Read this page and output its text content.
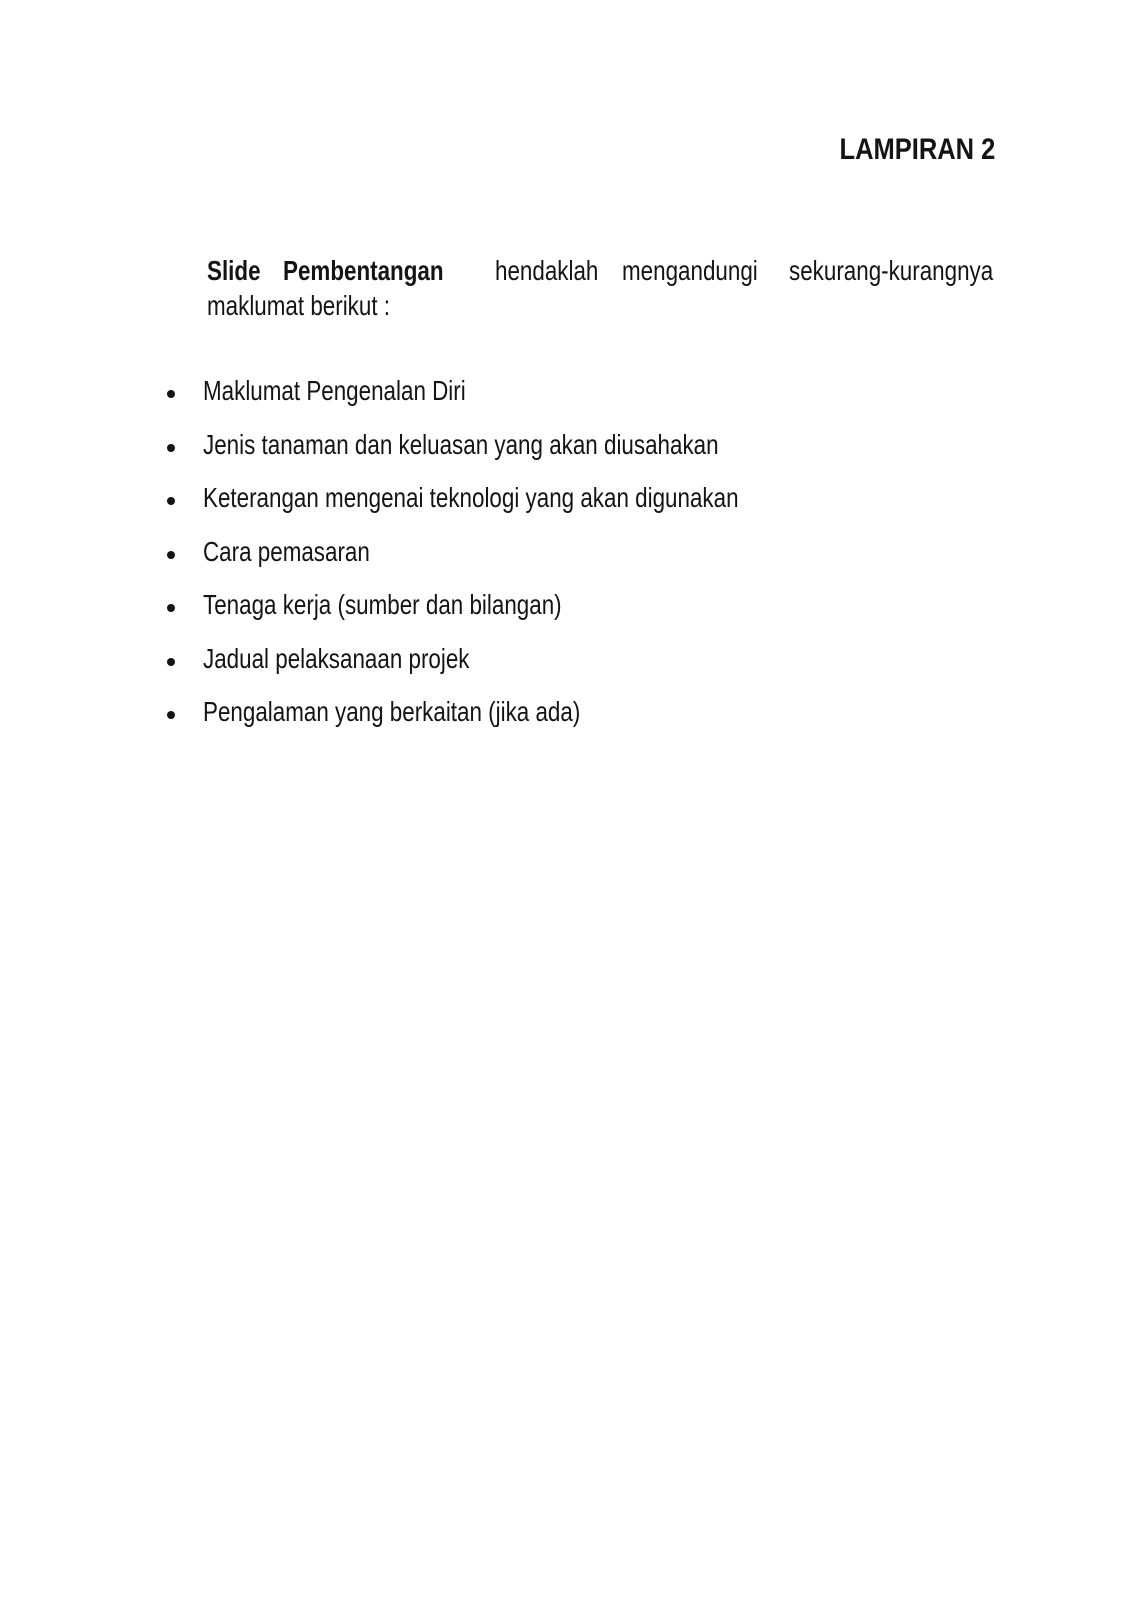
LAMPIRAN 2
Slide Pembentangan hendaklah mengandungi sekurang-kurangnya
maklumat berikut :
Maklumat Pengenalan Diri
Jenis tanaman dan keluasan yang akan diusahakan
Keterangan mengenai teknologi yang akan digunakan
Cara pemasaran
Tenaga kerja (sumber dan bilangan)
Jadual pelaksanaan projek
Pengalaman yang berkaitan (jika ada)
